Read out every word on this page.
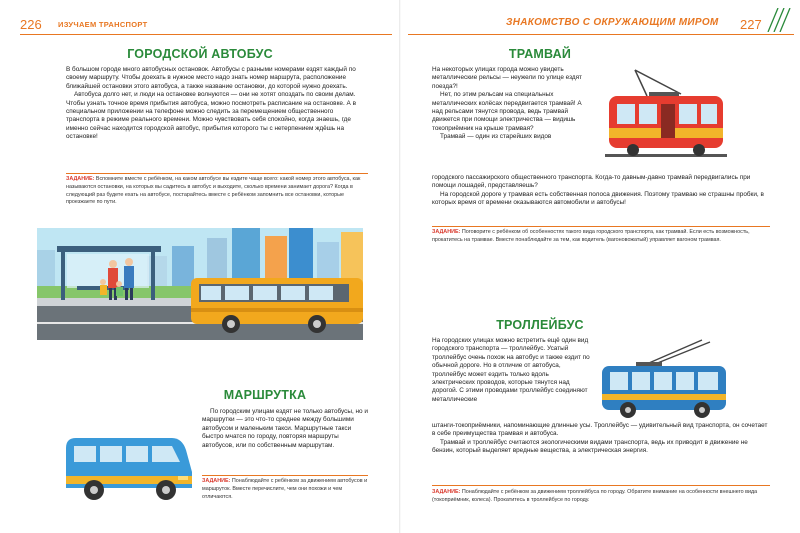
226 ИЗУЧАЕМ ТРАНСПОРТ
ГОРОДСКОЙ АВТОБУС

В большом городе много автобусных остановок. Автобусы с разными номерами ездят каждый по своему маршруту. Чтобы доехать в нужное место надо знать номер маршрута, расположение ближайшей остановки этого автобуса, а также название остановки, до которой нужно доехать.

Автобуса долго нет, и люди на остановке волнуются — они не хотят опоздать по своим делам. Чтобы узнать точное время прибытия автобуса, можно посмотреть расписание на остановке. А в специальном приложении на телефоне можно следить за перемещением общественного транспорта в режиме реального времени. Можно чувствовать себя спокойно, когда знаешь, где именно сейчас находится городской автобус, прибытия которого ты с нетерпением ждёшь на остановке!

ЗАДАНИЕ: Вспомните вместе с ребёнком, на каком автобусе вы ездите чаще всего: какой номер этого автобуса, как называются остановки, на которых вы садитесь в автобус и выходите, сколько времени занимает дорога? Когда в следующий раз будете ехать на автобусе, постарайтесь вместе с ребёнком запомнить все остановки, которые проезжаете по пути.
МАРШРУТКА

По городским улицам ездят не только автобусы, но и маршрутки — это что-то среднее между большими автобусом и маленьким такси. Маршрутные такси быстро мчатся по городу, повторяя маршруты автобусов, или по собственным маршрутам.

ЗАДАНИЕ: Понаблюдайте с ребёнком за движением автобусов и маршруток. Вместе перечислите, чем они похожи и чем отличаются.
ЗНАКОМСТВО С ОКРУЖАЮЩИМ МИРОМ 227
ТРАМВАЙ

На некоторых улицах города можно увидеть металлические рельсы — неужели по улице ездят поезда?!

Нет, по этим рельсам на специальных металлических колёсах передвигается трамвай! А над рельсами тянутся провода, ведь трамвай движется при помощи электричества — видишь токоприёмник на крыше трамвая?

Трамвай — один из старейших видов

городского пассажирского общественного транспорта. Когда-то давным-давно трамвай передвигались при помощи лошадей, представляешь?

На городской дороге у трамвая есть собственная полоса движения. Поэтому трамваю не страшны пробки, в которых время от времени оказываются автомобили и автобусы!

ЗАДАНИЕ: Поговорите с ребёнком об особенностях такого вида городского транспорта, как трамвай. Если есть возможность, прокатитесь на трамвае. Вместе понаблюдайте за тем, как водитель (вагоновожатый) управляет вагоном трамвая.
ТРОЛЛЕЙБУС

На городских улицах можно встретить ещё один вид городского транспорта — троллейбус. Усатый троллейбус очень похож на автобус и также ездит по обычной дороге. Но в отличие от автобуса, троллейбус может ездить только вдоль электрических проводов, которые тянутся над дорогой. С этими проводами троллейбус соединяют металлические

штанги-токоприёмники, напоминающие длинные усы. Троллейбус — удивительный вид транспорта, он сочетает в себе преимущества трамвая и автобуса.

Трамвай и троллейбус считаются экологическими видами транспорта, ведь их приводит в движение не бензин, который выделяет вредные вещества, а электрическая энергия.

ЗАДАНИЕ: Понаблюдайте с ребёнком за движением троллейбуса по городу. Обратите внимание на особенности внешнего вида (токоприёмник, колеса). Прокатитесь в троллейбусе по городу.
